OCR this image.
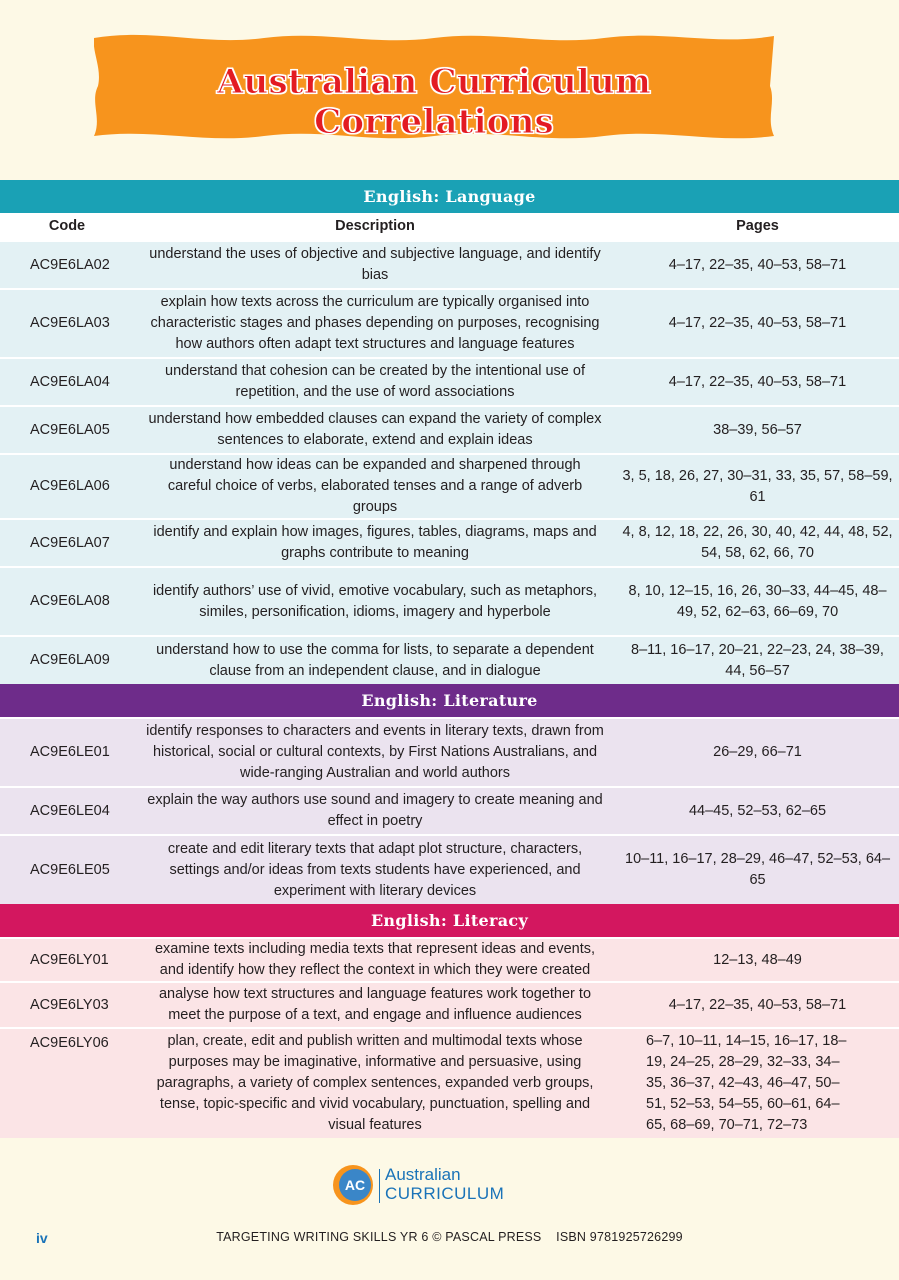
Australian Curriculum Correlations
English: Language		
Code	Description	Pages
AC9E6LA02	understand the uses of objective and subjective language, and identify bias	4–17, 22–35, 40–53, 58–71
AC9E6LA03	explain how texts across the curriculum are typically organised into characteristic stages and phases depending on purposes, recognising how authors often adapt text structures and language features	4–17, 22–35, 40–53, 58–71
AC9E6LA04	understand that cohesion can be created by the intentional use of repetition, and the use of word associations	4–17, 22–35, 40–53, 58–71
AC9E6LA05	understand how embedded clauses can expand the variety of complex sentences to elaborate, extend and explain ideas	38–39, 56–57
AC9E6LA06	understand how ideas can be expanded and sharpened through careful choice of verbs, elaborated tenses and a range of adverb groups	3, 5, 18, 26, 27, 30–31, 33, 35, 57, 58–59, 61
AC9E6LA07	identify and explain how images, figures, tables, diagrams, maps and graphs contribute to meaning	4, 8, 12, 18, 22, 26, 30, 40, 42, 44, 48, 52, 54, 58, 62, 66, 70
AC9E6LA08	identify authors’ use of vivid, emotive vocabulary, such as metaphors, similes, personification, idioms, imagery and hyperbole	8, 10, 12–15, 16, 26, 30–33, 44–45, 48–49, 52, 62–63, 66–69, 70
AC9E6LA09	understand how to use the comma for lists, to separate a dependent clause from an independent clause, and in dialogue	8–11, 16–17, 20–21, 22–23, 24, 38–39, 44, 56–57
English: Literature		
AC9E6LE01	identify responses to characters and events in literary texts, drawn from historical, social or cultural contexts, by First Nations Australians, and wide-ranging Australian and world authors	26–29, 66–71
AC9E6LE04	explain the way authors use sound and imagery to create meaning and effect in poetry	44–45, 52–53, 62–65
AC9E6LE05	create and edit literary texts that adapt plot structure, characters, settings and/or ideas from texts students have experienced, and experiment with literary devices	10–11, 16–17, 28–29, 46–47, 52–53, 64–65
English: Literacy		
AC9E6LY01	examine texts including media texts that represent ideas and events, and identify how they reflect the context in which they were created	12–13, 48–49
AC9E6LY03	analyse how text structures and language features work together to meet the purpose of a text, and engage and influence audiences	4–17, 22–35, 40–53, 58–71
AC9E6LY06	plan, create, edit and publish written and multimodal texts whose purposes may be imaginative, informative and persuasive, using paragraphs, a variety of complex sentences, expanded verb groups, tense, topic-specific and vivid vocabulary, punctuation, spelling and visual features	6–7, 10–11, 14–15, 16–17, 18–19, 24–25, 28–29, 32–33, 34–35, 36–37, 42–43, 46–47, 50–51, 52–53, 54–55, 60–61, 64–65, 68–69, 70–71, 72–73
AC
Australian
CURRICULUM
iv	TARGETING WRITING SKILLS YR 6 © PASCAL PRESS    ISBN 9781925726299
